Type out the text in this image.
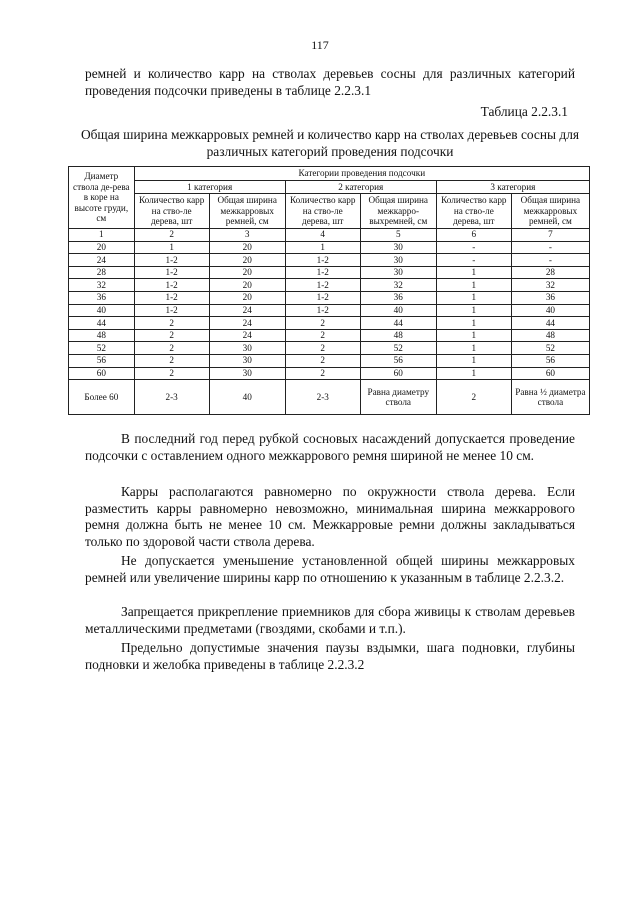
117

ремней и количество карр на стволах деревьев сосны для различных категорий проведения подсочки приведены в таблице 2.2.3.1

Таблица 2.2.3.1
Общая ширина межкарровых ремней и количество карр на стволах деревьев сосны для различных категорий проведения подсочки
Диаметр ствола де-рева в коре на высоте груди, см	Категории проведения подсочки					
	1 категория		2 категория		3 категория	
	Количество карр на ство-ле дерева, шт	Общая ширина межкарровых ремней, см	Количество карр на ство-ле дерева, шт	Общая ширина межкарро-выхремней, см	Количество карр на ство-ле дерева, шт	Общая ширина межкарровых ремней, см
1	2	3	4	5	6	7
20	1	20	1	30	-	-
24	1-2	20	1-2	30	-	-
28	1-2	20	1-2	30	1	28
32	1-2	20	1-2	32	1	32
36	1-2	20	1-2	36	1	36
40	1-2	24	1-2	40	1	40
44	2	24	2	44	1	44
48	2	24	2	48	1	48
52	2	30	2	52	1	52
56	2	30	2	56	1	56
60	2	30	2	60	1	60
Более 60	2-3	40	2-3	Равна диаметру ствола	2	Равна ½ диаметра ствола

В последний год перед рубкой сосновых насаждений допускается проведение подсочки с оставлением одного межкаррового ремня шириной не менее 10 см.

Карры располагаются равномерно по окружности ствола дерева. Если разместить карры равномерно невозможно, минимальная ширина межкаррового ремня должна быть не менее 10 см. Межкарровые ремни должны закладываться только по здоровой части ствола дерева.

Не допускается уменьшение установленной общей ширины межкарровых ремней или увеличение ширины карр по отношению к указанным в таблице 2.2.3.2.

Запрещается прикрепление приемников для сбора живицы к стволам деревьев металлическими предметами (гвоздями, скобами и т.п.).

Предельно допустимые значения паузы вздымки, шага подновки, глубины подновки и желобка приведены в таблице 2.2.3.2
